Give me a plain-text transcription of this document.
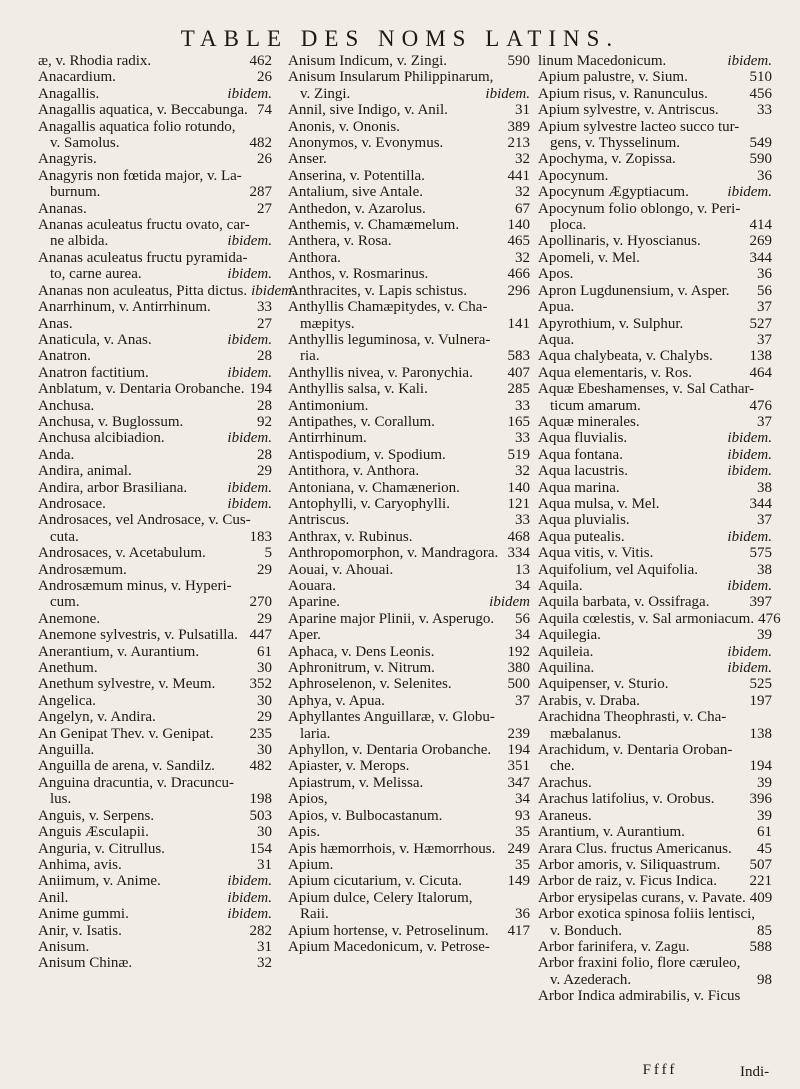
TABLE DES NOMS LATINS.
æ, v. Rhodia radix.	462
Anacardium.	26
Anagallis.	ibidem.
Anagallis aquatica, v. Beccabunga. 74
Anagallis aquatica folio rotundo,
v. Samolus.	482
Anagyris.	26
Anagyris non fœtida major, v. La-
burnum.	287
Ananas.	27
Ananas aculeatus fructu ovato, car-
ne albida.	ibidem.
Ananas aculeatus fructu pyramida-
to, carne aurea.	ibidem.
Ananas non aculeatus, Pitta dictus. ibidem.
Anarrhinum, v. Antirrhinum.	33
Anas.	27
Anaticula, v. Anas.	ibidem.
Anatron.	28
Anatron factitium.	ibidem.
Anblatum, v. Dentaria Orobanche. 194
Anchusa.	28
Anchusa, v. Buglossum.	92
Anchusa alcibiadion.	ibidem.
Anda.	28
Andira, animal.	29
Andira, arbor Brasiliana.	ibidem.
Androsace.	ibidem.
Androsaces, vel Androsace, v. Cus-
cuta.	183
Androsaces, v. Acetabulum.	5
Androsæmum.	29
Androsæmum minus, v. Hyperi-
cum.	270
Anemone.	29
Anemone sylvestris, v. Pulsatilla. 447
Anerantium, v. Aurantium.	61
Anethum.	30
Anethum sylvestre, v. Meum. 352
Angelica.	30
Angelyn, v. Andira.	29
An Genipat Thev. v. Genipat. 235
Anguilla.	30
Anguilla de arena, v. Sandilz. 482
Anguina dracuntia, v. Dracuncu-
lus.	198
Anguis, v. Serpens.	503
Anguis Æsculapii.	30
Anguria, v. Citrullus.	154
Anhima, avis.	31
Aniimum, v. Anime.	ibidem.
Anil.	ibidem.
Anime gummi.	ibidem.
Anir, v. Isatis.	282
Anisum.	31
Anisum Chinæ.	32
Anisum Indicum, v. Zingi.	590
Anisum Insularum Philippinarum,
v. Zingi.	ibidem.
Annil, sive Indigo, v. Anil.	31
Anonis, v. Ononis.	389
Anonymos, v. Evonymus.	213
Anser.	32
Anserina, v. Potentilla.	441
Antalium, sive Antale.	32
Anthedon, v. Azarolus.	67
Anthemis, v. Chamæmelum.	140
Anthera, v. Rosa.	465
Anthora.	32
Anthos, v. Rosmarinus.	466
Anthracites, v. Lapis schistus.	296
Anthyllis Chamæpitydes, v. Cha-
mæpitys.	141
Anthyllis leguminosa, v. Vulnera-
ria.	583
Anthyllis nivea, v. Paronychia. 407
Anthyllis salsa, v. Kali.	285
Antimonium.	33
Antipathes, v. Corallum.	165
Antirrhinum.	33
Antispodium, v. Spodium.	519
Antithora, v. Anthora.	32
Antoniana, v. Chamænerion.	140
Antophylli, v. Caryophylli.	121
Antriscus.	33
Anthrax, v. Rubinus.	468
Anthropomorphon, v. Mandragora. 334
Aouai, v. Ahouai.	13
Aouara.	34
Aparine.	ibidem
Aparine major Plinii, v. Asperugo. 56
Aper.	34
Aphaca, v. Dens Leonis.	192
Aphronitrum, v. Nitrum.	380
Aphroselenon, v. Selenites.	500
Aphya, v. Apua.	37
Aphyllantes Anguillaræ, v. Globu-
laria.	239
Aphyllon, v. Dentaria Orobanche. 194
Apiaster, v. Merops.	351
Apiastrum, v. Melissa.	347
Apios,	34
Apios, v. Bulbocastanum.	93
Apis.	35
Apis hæmorrhois, v. Hæmorrhous. 249
Apium.	35
Apium cicutarium, v. Cicuta.	149
Apium dulce, Celery Italorum,
Raii.	36
Apium hortense, v. Petroselinum. 417
Apium Macedonicum, v. Petrose-
linum Macedonicum.	ibidem.
Apium palustre, v. Sium.	510
Apium risus, v. Ranunculus.	456
Apium sylvestre, v. Antriscus.	33
Apium sylvestre lacteo succo tur-
gens, v. Thysselinum.	549
Apochyma, v. Zopissa.	590
Apocynum.	36
Apocynum Ægyptiacum.	ibidem.
Apocynum folio oblongo, v. Peri-
ploca.	414
Apollinaris, v. Hyoscianus.	269
Apomeli, v. Mel.	344
Apos.	36
Apron Lugdunensium, v. Asper. 56
Apua.	37
Apyrothium, v. Sulphur.	527
Aqua.	37
Aqua chalybeata, v. Chalybs. 138
Aqua elementaris, v. Ros.	464
Aquæ Ebeshamenses, v. Sal Cathar-
ticum amarum.	476
Aquæ minerales.	37
Aqua fluvialis.	ibidem.
Aqua fontana.	ibidem.
Aqua lacustris.	ibidem.
Aqua marina.	38
Aqua mulsa, v. Mel.	344
Aqua pluvialis.	37
Aqua putealis.	ibidem.
Aqua vitis, v. Vitis.	575
Aquifolium, vel Aquifolia.	38
Aquila.	ibidem.
Aquila barbata, v. Ossifraga.	397
Aquila cœlestis, v. Sal armoniacum. 476
Aquilegia.	39
Aquileia.	ibidem.
Aquilina.	ibidem.
Aquipenser, v. Sturio.	525
Arabis, v. Draba.	197
Arachidna Theophrasti, v. Cha-
mæbalanus.	138
Arachidum, v. Dentaria Oroban-
che.	194
Arachus.	39
Arachus latifolius, v. Orobus. 396
Araneus.	39
Arantium, v. Aurantium.	61
Arara Clus. fructus Americanus. 45
Arbor amoris, v. Siliquastrum. 507
Arbor de raiz, v. Ficus Indica. 221
Arbor erysipelas curans, v. Pavate. 409
Arbor exotica spinosa foliis lentisci,
v. Bonduch.	85
Arbor farinifera, v. Zagu.	588
Arbor fraxini folio, flore cæruleo,
v. Azederach.	98
Arbor Indica admirabilis, v. Ficus
Ffff	Indi-
